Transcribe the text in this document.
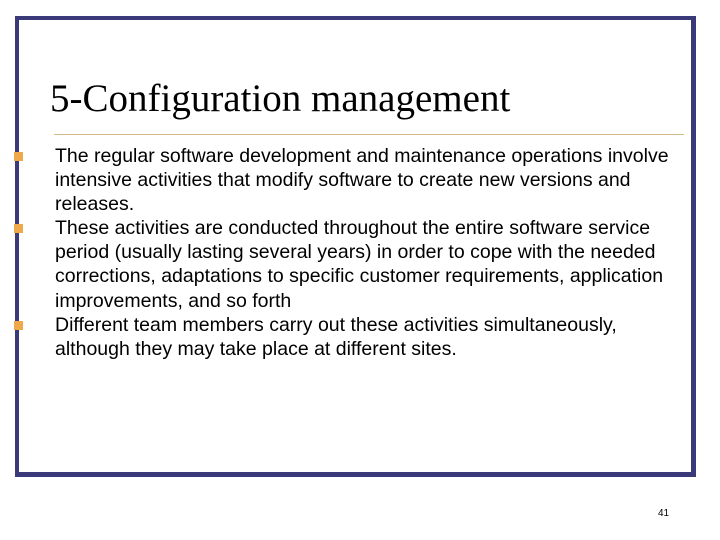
5-Configuration management
The regular software development and maintenance operations involve intensive activities that modify software to create new versions and releases.
These activities are conducted throughout the entire software service period (usually lasting several years) in order to cope with the needed corrections, adaptations to specific customer requirements, application improvements, and so forth
Different team members carry out these activities simultaneously, although they may take place at different sites.
41
